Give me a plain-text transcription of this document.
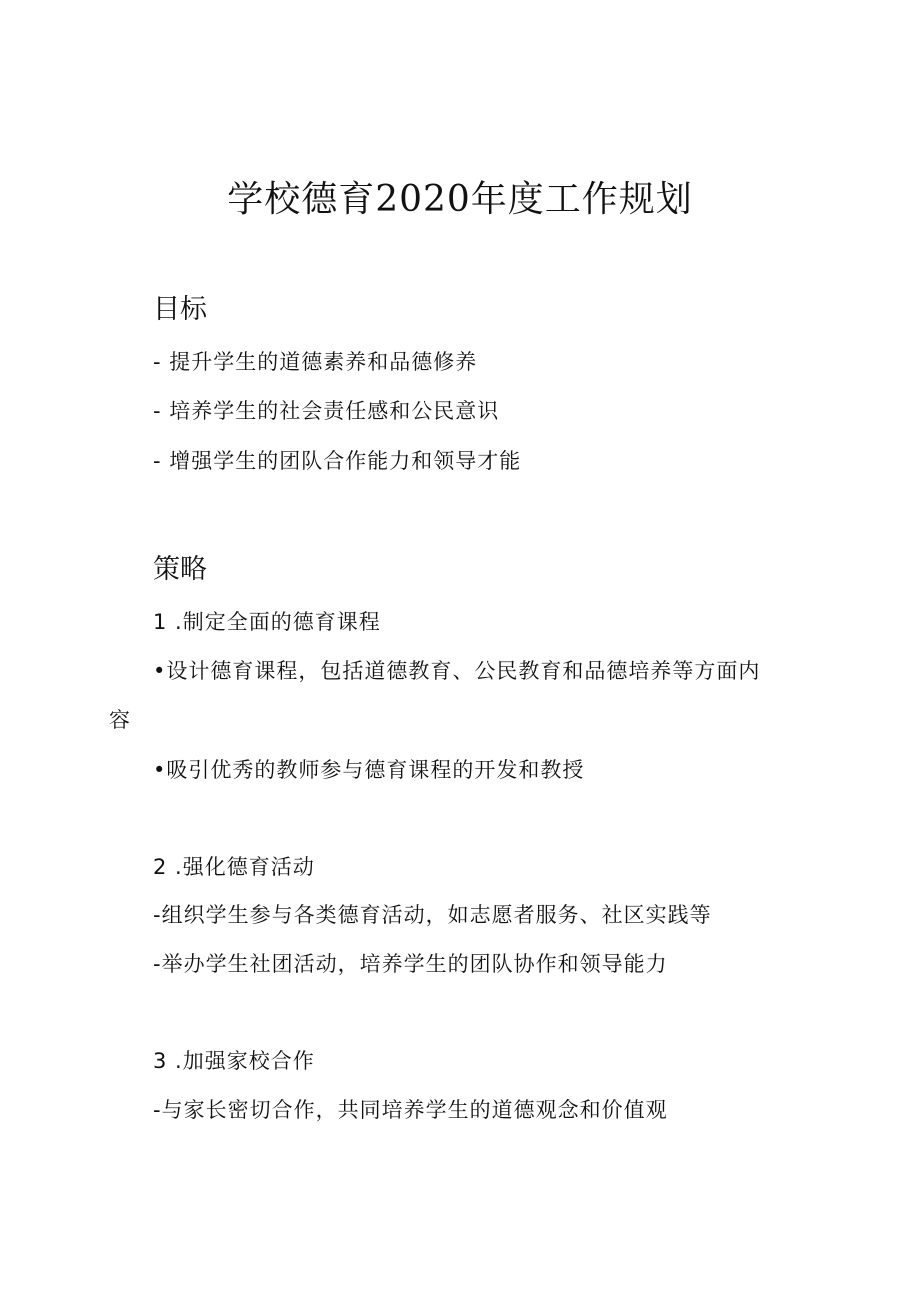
学校德育2020年度工作规划
目标
- 提升学生的道德素养和品德修养
- 培养学生的社会责任感和公民意识
- 增强学生的团队合作能力和领导才能
策略
1 .制定全面的德育课程
•设计德育课程，包括道德教育、公民教育和品德培养等方面内
容
•吸引优秀的教师参与德育课程的开发和教授
2 .强化德育活动
-组织学生参与各类德育活动，如志愿者服务、社区实践等
-举办学生社团活动，培养学生的团队协作和领导能力
3 .加强家校合作
-与家长密切合作，共同培养学生的道德观念和价值观
